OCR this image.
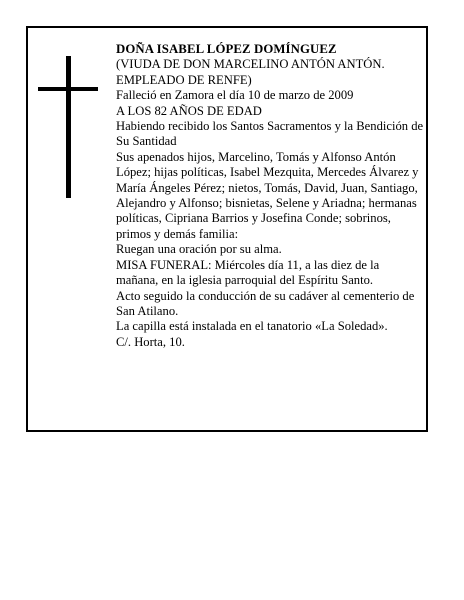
DOÑA ISABEL LÓPEZ DOMÍNGUEZ

(VIUDA DE DON MARCELINO ANTÓN ANTÓN. EMPLEADO DE RENFE)

Falleció en Zamora el día 10 de marzo de 2009

A LOS 82 AÑOS DE EDAD

Habiendo recibido los Santos Sacramentos y la Bendición de Su Santidad

Sus apenados hijos, Marcelino, Tomás y Alfonso Antón López; hijas políticas, Isabel Mezquita, Mercedes Álvarez y María Ángeles Pérez; nietos, Tomás, David, Juan, Santiago, Alejandro y Alfonso; bisnietas, Selene y Ariadna; hermanas políticas, Cipriana Barrios y Josefina Conde; sobrinos, primos y demás familia:

Ruegan una oración por su alma.

MISA FUNERAL: Miércoles día 11, a las diez de la mañana, en la iglesia parroquial del Espíritu Santo.

Acto seguido la conducción de su cadáver al cementerio de San Atilano.

La capilla está instalada en el tanatorio «La Soledad».

C/. Horta, 10.
